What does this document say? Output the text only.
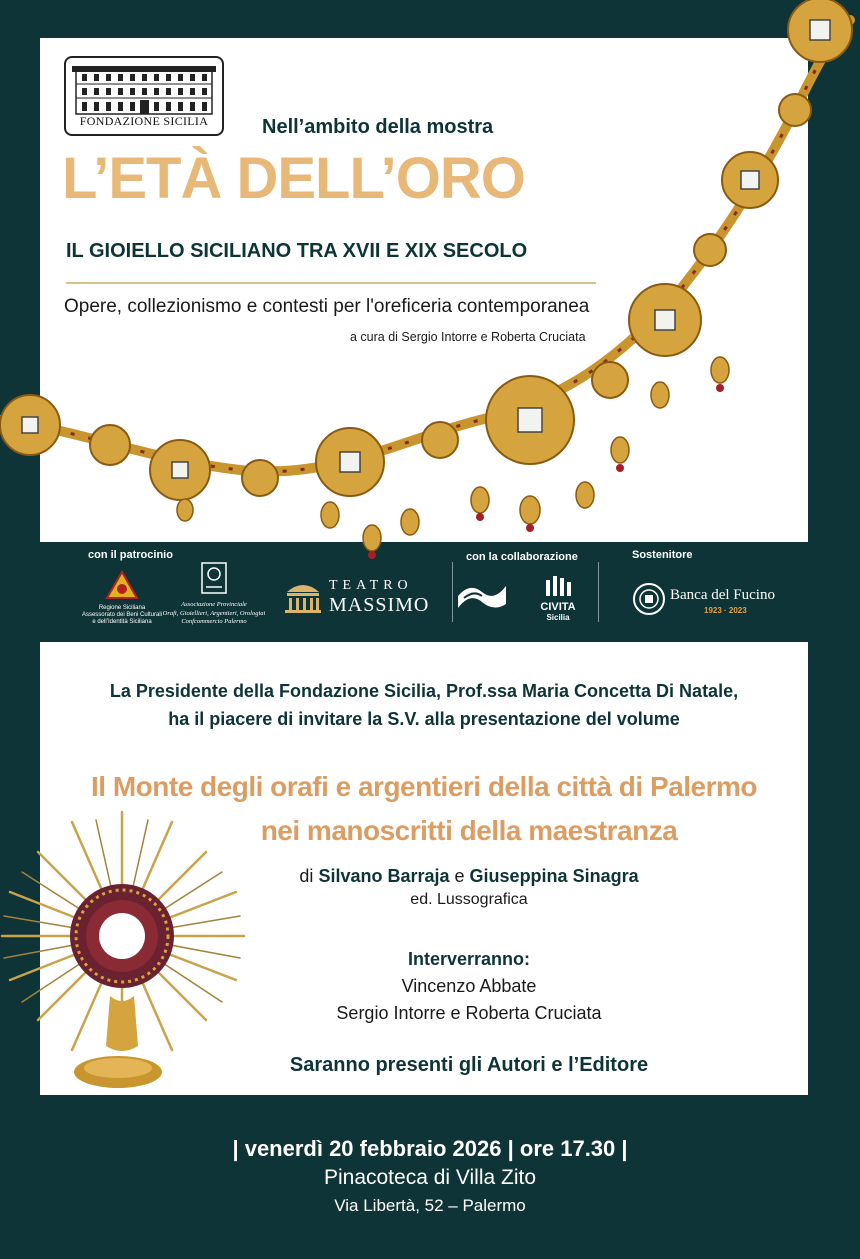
FONDAZIONE SICILIA	Nell’ambito della mostra
L’ETÀ DELL’ORO
IL GIOIELLO SICILIANO TRA XVII E XIX SECOLO
Opere, collezionismo e contesti per l'oreficeria contemporanea
a cura di Sergio Intorre e Roberta Cruciata
con il patrocinio	con la collaborazione	Sostenitore
Regione Siciliana
Assessorato dei Beni Culturali
e dell’Identità Siciliana
Associazione Provinciale
Orafi, Gioiellieri, Argentieri, Orologiai
Confcommercio Palermo
TEATRO
MASSIMO	CIVITA
Sicilia
Banca del Fucino
1923 · 2023
La Presidente della Fondazione Sicilia, Prof.ssa Maria Concetta Di Natale,
ha il piacere di invitare la S.V. alla presentazione del volume
Il Monte degli orafi e argentieri della città di Palermo
nei manoscritti della maestranza
di Silvano Barraja e Giuseppina Sinagra
ed. Lussografica
Interverranno:
Vincenzo Abbate
Sergio Intorre e Roberta Cruciata
Saranno presenti gli Autori e l’Editore
| venerdì 20 febbraio 2026 | ore 17.30 |
Pinacoteca di Villa Zito
Via Libertà, 52 – Palermo
